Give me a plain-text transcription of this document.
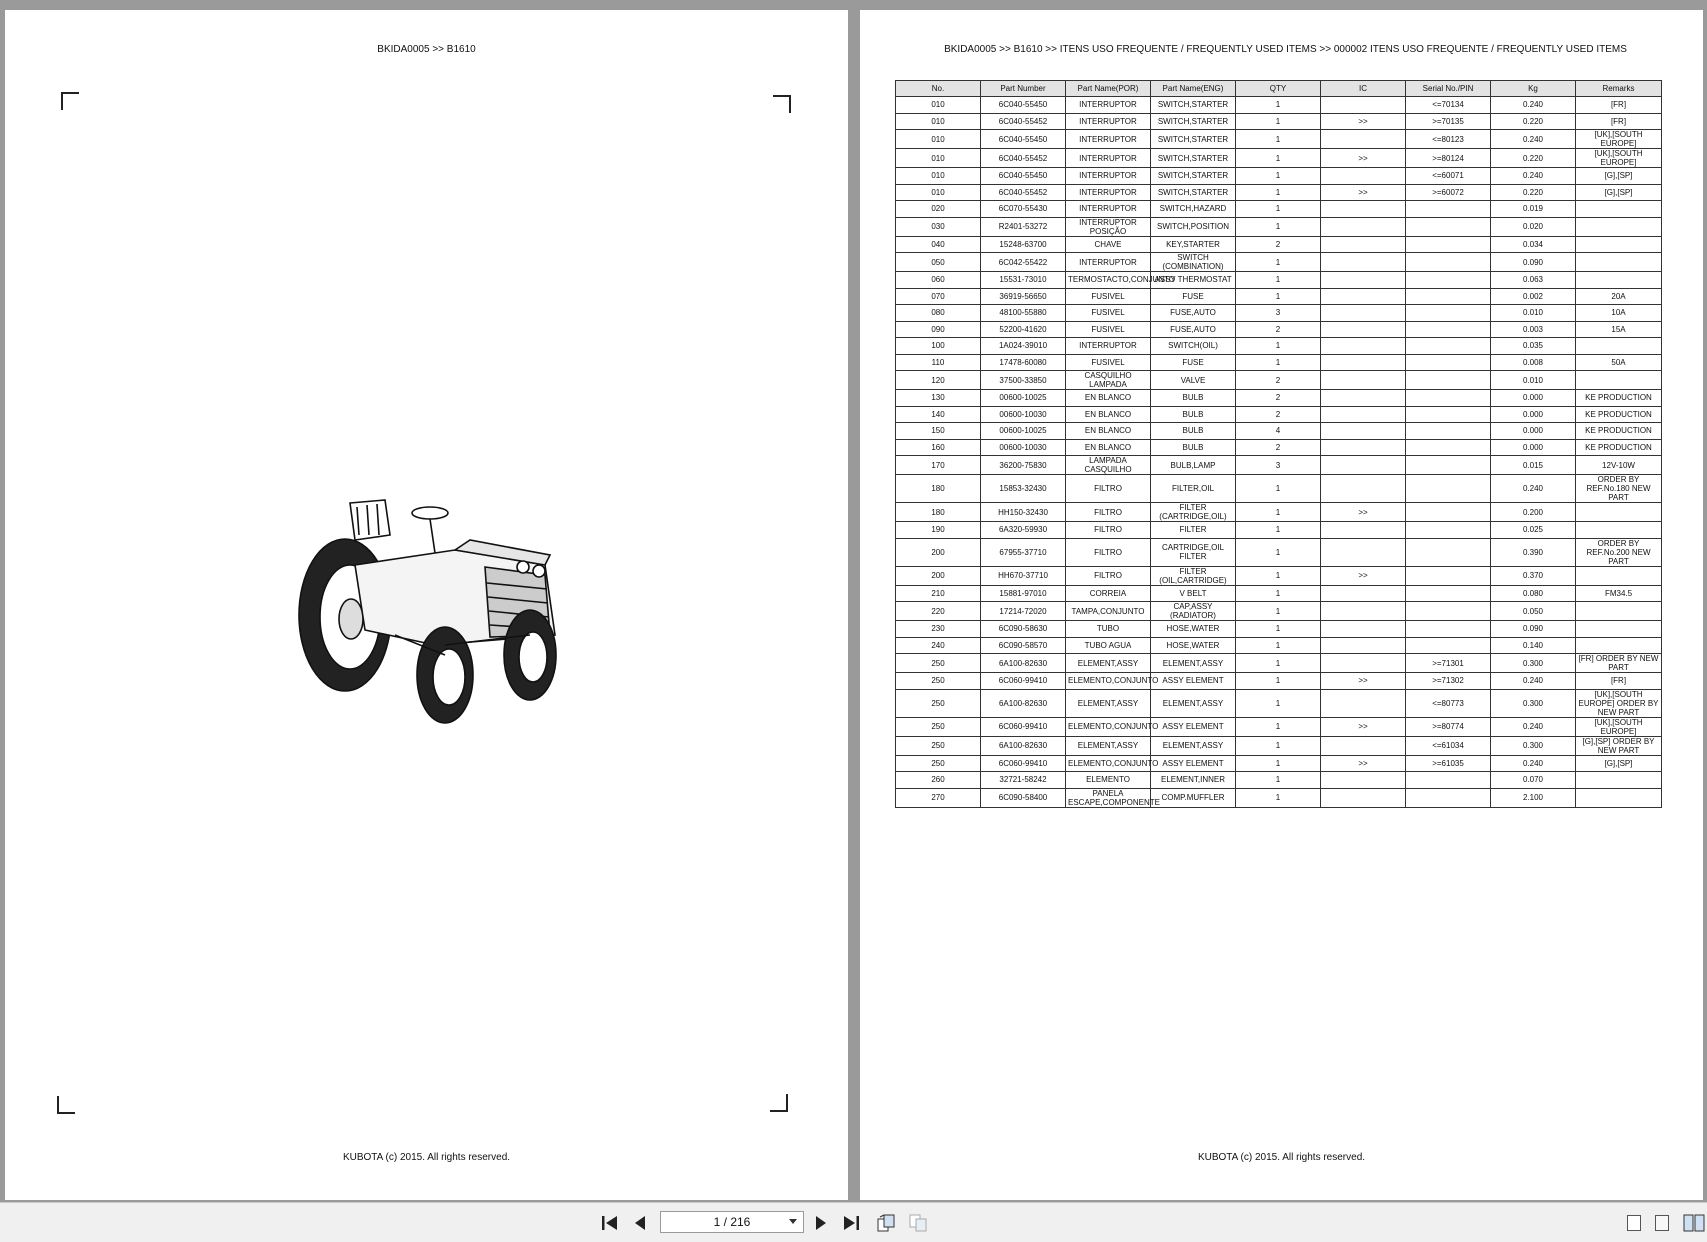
BKIDA0005 >> B1610
KUBOTA (c) 2015. All rights reserved.
BKIDA0005 >> B1610 >> ITENS USO FREQUENTE / FREQUENTLY USED ITEMS >> 000002 ITENS USO FREQUENTE / FREQUENTLY USED ITEMS
No.	Part Number	Part Name(POR)	Part Name(ENG)	QTY	IC	Serial No./PIN	Kg	Remarks
010	6C040-55450	INTERRUPTOR	SWITCH,STARTER	1		<=70134	0.240	[FR]
010	6C040-55452	INTERRUPTOR	SWITCH,STARTER	1	>>	>=70135	0.220	[FR]
010	6C040-55450	INTERRUPTOR	SWITCH,STARTER	1		<=80123	0.240	[UK],[SOUTH EUROPE]
010	6C040-55452	INTERRUPTOR	SWITCH,STARTER	1	>>	>=80124	0.220	[UK],[SOUTH EUROPE]
010	6C040-55450	INTERRUPTOR	SWITCH,STARTER	1		<=60071	0.240	[G],[SP]
010	6C040-55452	INTERRUPTOR	SWITCH,STARTER	1	>>	>=60072	0.220	[G],[SP]
020	6C070-55430	INTERRUPTOR	SWITCH,HAZARD	1			0.019	
030	R2401-53272	INTERRUPTOR POSIÇÃO	SWITCH,POSITION	1			0.020	
040	15248-63700	CHAVE	KEY,STARTER	2			0.034	
050	6C042-55422	INTERRUPTOR	SWITCH (COMBINATION)	1			0.090	
060	15531-73010	TERMOSTACTO,CONJUNTO	ASSY THERMOSTAT	1			0.063	
070	36919-56650	FUSIVEL	FUSE	1			0.002	20A
080	48100-55880	FUSIVEL	FUSE,AUTO	3			0.010	10A
090	52200-41620	FUSIVEL	FUSE,AUTO	2			0.003	15A
100	1A024-39010	INTERRUPTOR	SWITCH(OIL)	1			0.035	
110	17478-60080	FUSIVEL	FUSE	1			0.008	50A
120	37500-33850	CASQUILHO LAMPADA	VALVE	2			0.010	
130	00600-10025	EN BLANCO	BULB	2			0.000	KE PRODUCTION
140	00600-10030	EN BLANCO	BULB	2			0.000	KE PRODUCTION
150	00600-10025	EN BLANCO	BULB	4			0.000	KE PRODUCTION
160	00600-10030	EN BLANCO	BULB	2			0.000	KE PRODUCTION
170	36200-75830	LAMPADA CASQUILHO	BULB,LAMP	3			0.015	12V-10W
180	15853-32430	FILTRO	FILTER,OIL	1			0.240	ORDER BY REF.No.180 NEW PART
180	HH150-32430	FILTRO	FILTER (CARTRIDGE,OIL)	1	>>		0.200	
190	6A320-59930	FILTRO	FILTER	1			0.025	
200	67955-37710	FILTRO	CARTRIDGE,OIL FILTER	1			0.390	ORDER BY REF.No.200 NEW PART
200	HH670-37710	FILTRO	FILTER (OIL,CARTRIDGE)	1	>>		0.370	
210	15881-97010	CORREIA	V BELT	1			0.080	FM34.5
220	17214-72020	TAMPA,CONJUNTO	CAP,ASSY (RADIATOR)	1			0.050	
230	6C090-58630	TUBO	HOSE,WATER	1			0.090	
240	6C090-58570	TUBO AGUA	HOSE,WATER	1			0.140	
250	6A100-82630	ELEMENT,ASSY	ELEMENT,ASSY	1		>=71301	0.300	[FR] ORDER BY NEW PART
250	6C060-99410	ELEMENTO,CONJUNTO	ASSY ELEMENT	1	>>	>=71302	0.240	[FR]
250	6A100-82630	ELEMENT,ASSY	ELEMENT,ASSY	1		<=80773	0.300	[UK],[SOUTH EUROPE] ORDER BY NEW PART
250	6C060-99410	ELEMENTO,CONJUNTO	ASSY ELEMENT	1	>>	>=80774	0.240	[UK],[SOUTH EUROPE]
250	6A100-82630	ELEMENT,ASSY	ELEMENT,ASSY	1		<=61034	0.300	[G],[SP] ORDER BY NEW PART
250	6C060-99410	ELEMENTO,CONJUNTO	ASSY ELEMENT	1	>>	>=61035	0.240	[G],[SP]
260	32721-58242	ELEMENTO	ELEMENT,INNER	1			0.070	
270	6C090-58400	PANELA ESCAPE,COMPONENTE	COMP.MUFFLER	1			2.100	
KUBOTA (c) 2015. All rights reserved.
1 / 216
